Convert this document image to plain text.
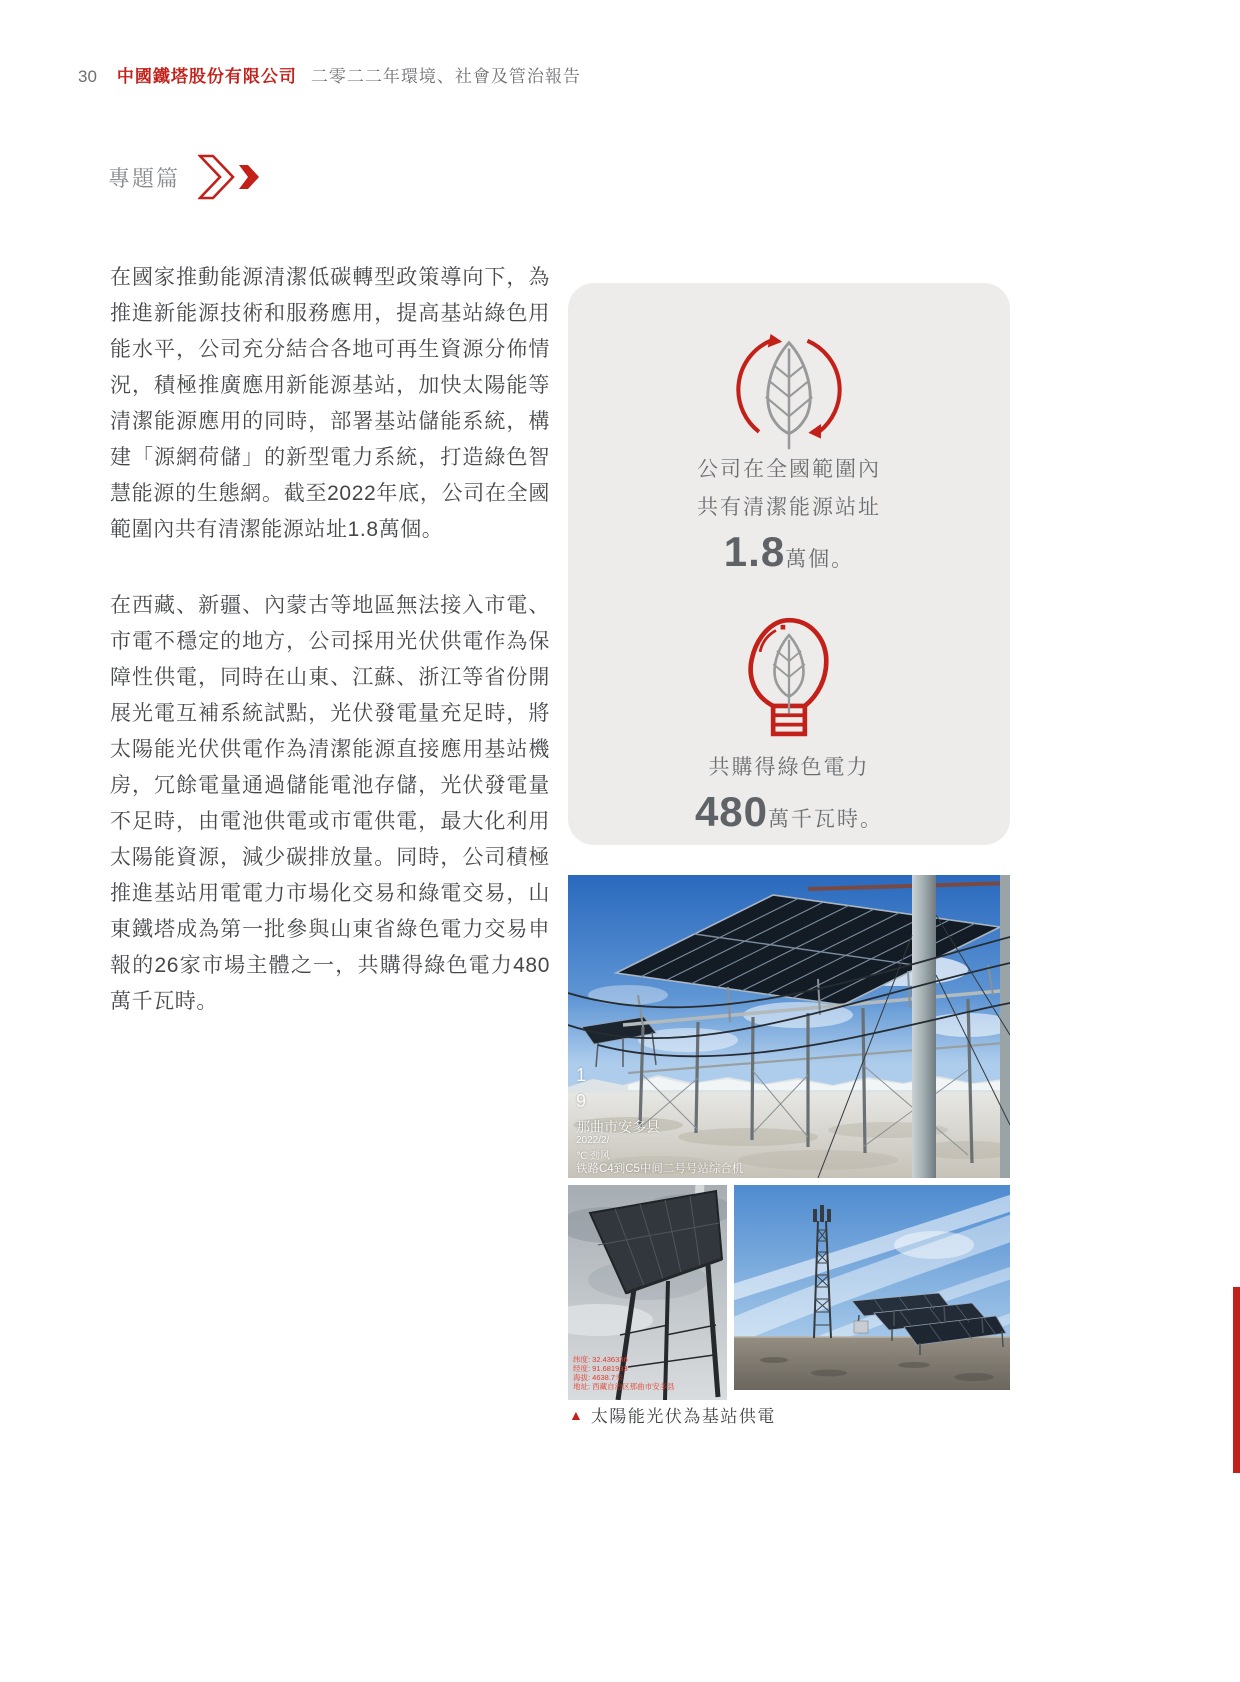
30 中國鐵塔股份有限公司 二零二二年環境、社會及管治報告
專題篇

在國家推動能源清潔低碳轉型政策導向下，為推進新能源技術和服務應用，提高基站綠色用能水平，公司充分結合各地可再生資源分佈情況，積極推廣應用新能源基站，加快太陽能等清潔能源應用的同時，部署基站儲能系統，構建「源網荷儲」的新型電力系統，打造綠色智慧能源的生態網。截至2022年底，公司在全國範圍內共有清潔能源站址1.8萬個。

在西藏、新疆、內蒙古等地區無法接入市電、市電不穩定的地方，公司採用光伏供電作為保障性供電，同時在山東、江蘇、浙江等省份開展光電互補系統試點，光伏發電量充足時，將太陽能光伏供電作為清潔能源直接應用基站機房，冗餘電量通過儲能電池存儲，光伏發電量不足時，由電池供電或市電供電，最大化利用太陽能資源，減少碳排放量。同時，公司積極推進基站用電電力市場化交易和綠電交易，山東鐵塔成為第一批參與山東省綠色電力交易申報的26家市場主體之一，共購得綠色電力480萬千瓦時。

公司在全國範圍內
共有清潔能源站址
1.8 萬個。
共購得綠色電力
480 萬千瓦時。
1
9
那曲市安多县
2022/2/
℃ 劲风
铁路C4到C5中间二号号站综合机
纬度: 32.436336
经度: 91.681933
海拔: 4638.7米
地址: 西藏自治区那曲市安多县
▲ 太陽能光伏為基站供電
